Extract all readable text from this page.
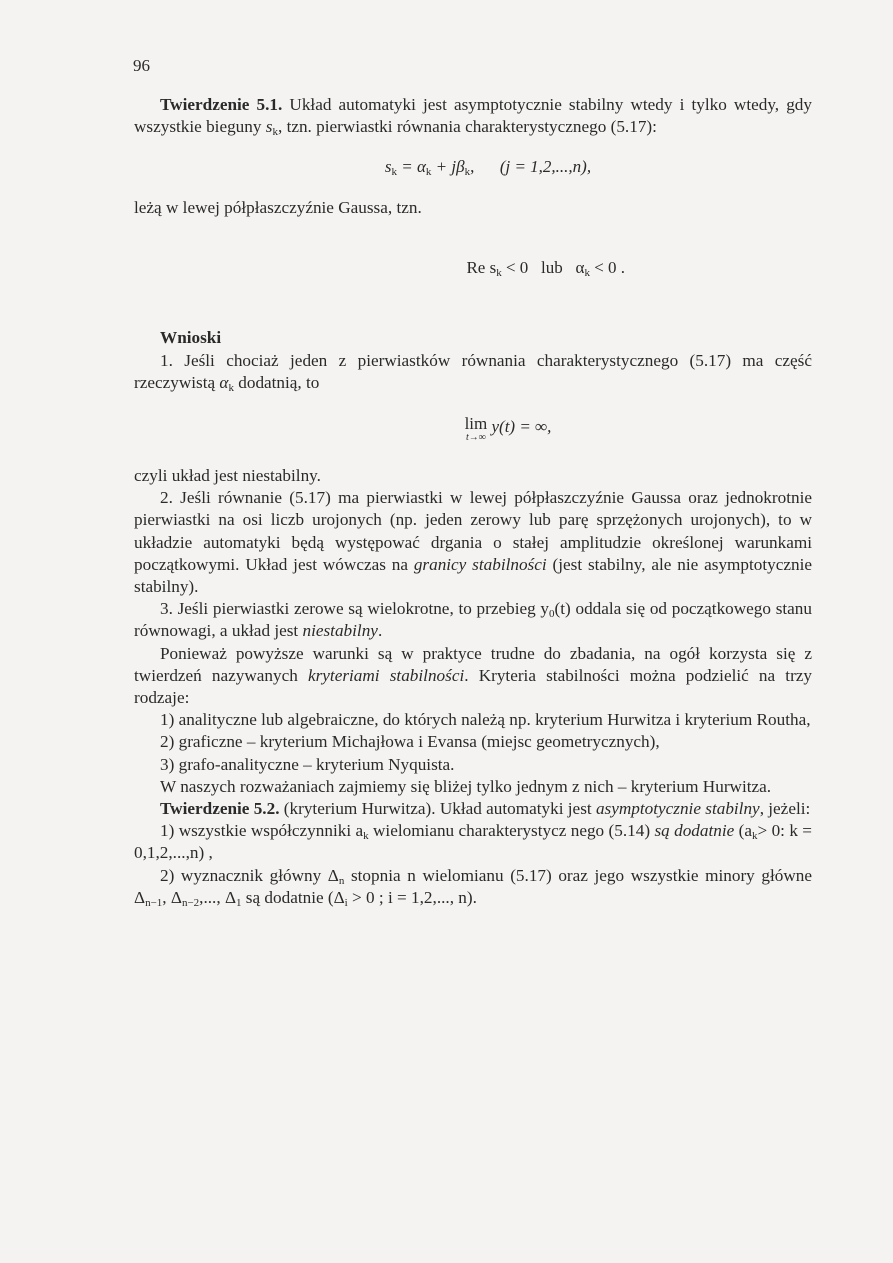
96

Twierdzenie 5.1. Układ automatyki jest asymptotycznie stabilny wtedy i tylko wtedy, gdy wszystkie bieguny $s_k$, tzn. pierwiastki równania charakterystycznego (5.17):

$s_k = \alpha_k + j\beta_k$,      (j = 1,2,...,n),

leżą w lewej półpłaszczyźnie Gaussa, tzn.

Re $s_k < 0$   lub   $\alpha_k < 0$ .

Wnioski

1. Jeśli chociaż jeden z pierwiastków równania charakterystycznego (5.17) ma część rzeczywistą $\alpha_k$ dodatnią, to

lim
t→∞
y(t) = ∞,

czyli układ jest niestabilny.

2. Jeśli równanie (5.17) ma pierwiastki w lewej półpłaszczyźnie Gaussa oraz jednokrotnie pierwiastki na osi liczb urojonych (np. jeden zerowy lub parę sprzężonych urojonych), to w układzie automatyki będą występować drgania o stałej amplitudzie określonej warunkami początkowymi. Układ jest wówczas na granicy stabilności (jest stabilny, ale nie asymptotycznie stabilny).

3. Jeśli pierwiastki zerowe są wielokrotne, to przebieg $y_0(t)$ oddala się od początkowego stanu równowagi, a układ jest niestabilny.

Ponieważ powyższe warunki są w praktyce trudne do zbadania, na ogół korzysta się z twierdzeń nazywanych kryteriami stabilności. Kryteria stabilności można podzielić na trzy rodzaje:

1) analityczne lub algebraiczne, do których należą np. kryterium Hurwitza i kryterium Routha,

2) graficzne – kryterium Michajłowa i Evansa (miejsc geometrycznych),

3) grafo-analityczne – kryterium Nyquista.

W naszych rozważaniach zajmiemy się bliżej tylko jednym z nich – kryterium Hurwitza.

Twierdzenie 5.2. (kryterium Hurwitza). Układ automatyki jest asymptotycznie stabilny, jeżeli:

1) wszystkie współczynniki $a_k$ wielomianu charakterystycz nego (5.14) są dodatnie ($a_k> 0$: k = 0,1,2,...,n) ,

2) wyznacznik główny $\Delta_n$ stopnia n wielomianu (5.17) oraz jego wszystkie minory główne $\Delta_{n-1}$, $\Delta_{n-2}$,..., $\Delta_1$ są dodatnie ($\Delta_i > 0$ ; i = 1,2,..., n).
